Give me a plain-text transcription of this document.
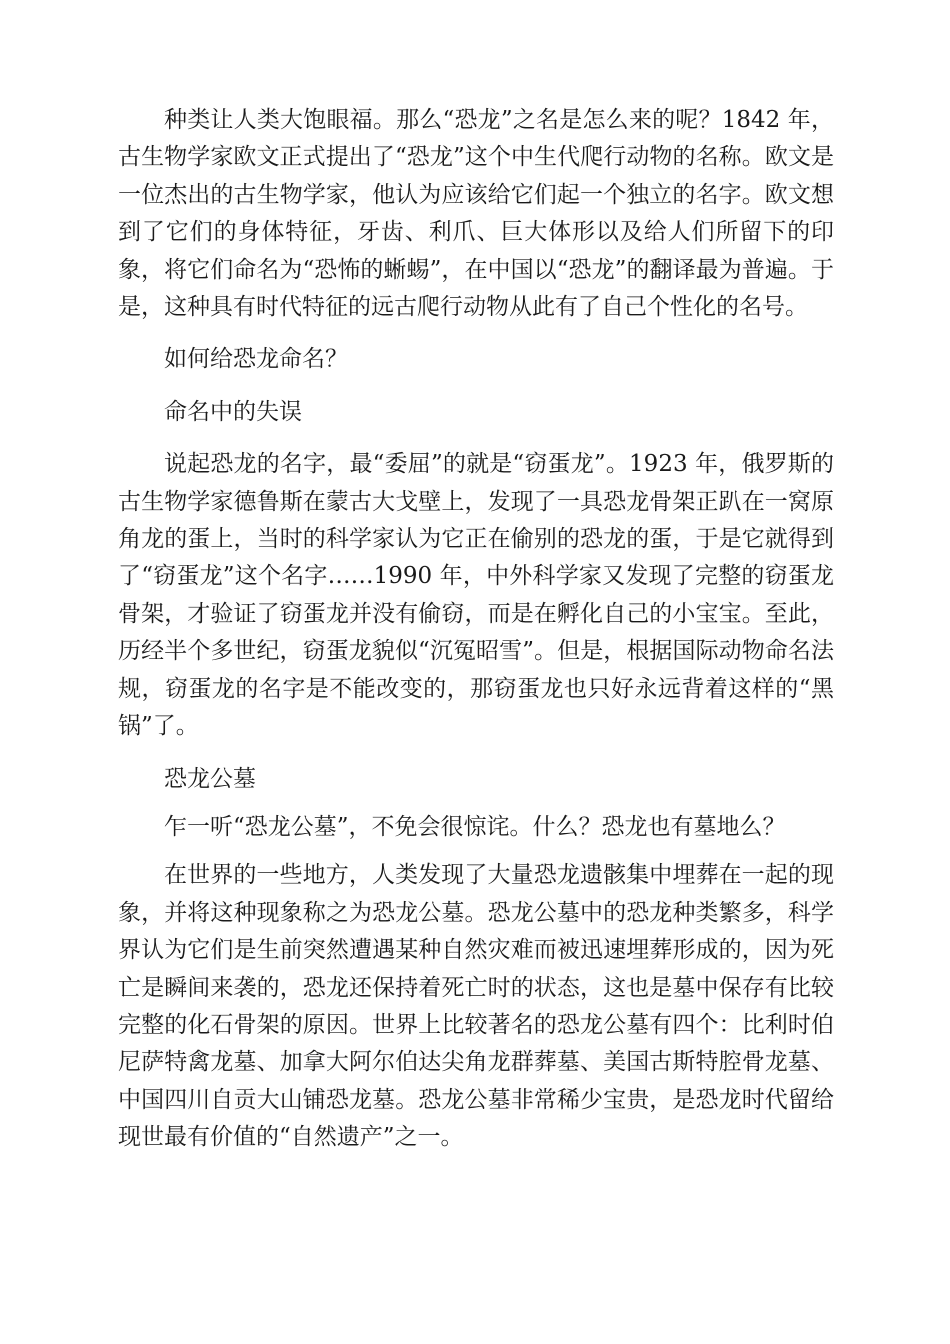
种类让人类大饱眼福。那么“恐龙”之名是怎么来的呢？1842 年，古生物学家欧文正式提出了“恐龙”这个中生代爬行动物的名称。欧文是一位杰出的古生物学家，他认为应该给它们起一个独立的名字。欧文想到了它们的身体特征，牙齿、利爪、巨大体形以及给人们所留下的印象，将它们命名为“恐怖的蜥蜴”，在中国以“恐龙”的翻译最为普遍。于是，这种具有时代特征的远古爬行动物从此有了自己个性化的名号。

如何给恐龙命名？

命名中的失误

说起恐龙的名字，最“委屈”的就是“窃蛋龙”。1923 年，俄罗斯的古生物学家德鲁斯在蒙古大戈壁上，发现了一具恐龙骨架正趴在一窝原角龙的蛋上，当时的科学家认为它正在偷别的恐龙的蛋，于是它就得到了“窃蛋龙”这个名字……1990 年，中外科学家又发现了完整的窃蛋龙骨架，才验证了窃蛋龙并没有偷窃，而是在孵化自己的小宝宝。至此，历经半个多世纪，窃蛋龙貌似“沉冤昭雪”。但是，根据国际动物命名法规，窃蛋龙的名字是不能改变的，那窃蛋龙也只好永远背着这样的“黑锅”了。

恐龙公墓

乍一听“恐龙公墓”，不免会很惊诧。什么？恐龙也有墓地么？

在世界的一些地方，人类发现了大量恐龙遗骸集中埋葬在一起的现象，并将这种现象称之为恐龙公墓。恐龙公墓中的恐龙种类繁多，科学界认为它们是生前突然遭遇某种自然灾难而被迅速埋葬形成的，因为死亡是瞬间来袭的，恐龙还保持着死亡时的状态，这也是墓中保存有比较完整的化石骨架的原因。世界上比较著名的恐龙公墓有四个：比利时伯尼萨特禽龙墓、加拿大阿尔伯达尖角龙群葬墓、美国古斯特腔骨龙墓、中国四川自贡大山铺恐龙墓。恐龙公墓非常稀少宝贵，是恐龙时代留给现世最有价值的“自然遗产”之一。
